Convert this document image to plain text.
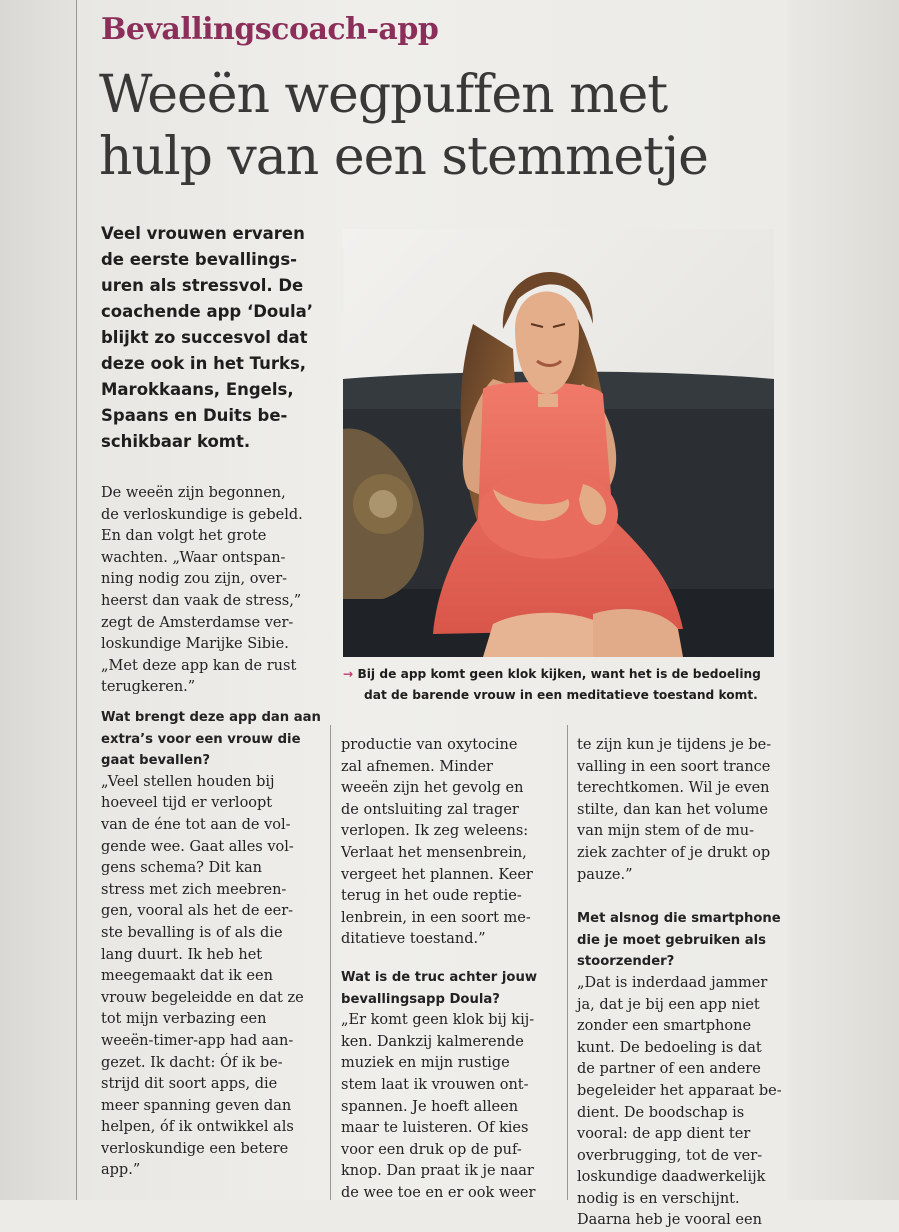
Bevallingscoach-app
Weeën wegpuffen met
hulp van een stemmetje
Veel vrouwen ervaren
de eerste bevallings-
uren als stressvol. De
coachende app ‘Doula’
blijkt zo succesvol dat
deze ook in het Turks,
Marokkaans, Engels,
Spaans en Duits be-
schikbaar komt.
De weeën zijn begonnen,
de verloskundige is gebeld.
En dan volgt het grote
wachten. „Waar ontspan-
ning nodig zou zijn, over-
heerst dan vaak de stress,”
zegt de Amsterdamse ver-
loskundige Marijke Sibie.
„Met deze app kan de rust
terugkeren.”
→ Bij de app komt geen klok kijken, want het is de bedoeling
dat de barende vrouw in een meditatieve toestand komt.
Wat brengt deze app dan aan
extra’s voor een vrouw die
gaat bevallen?
„Veel stellen houden bij
hoeveel tijd er verloopt
van de éne tot aan de vol-
gende wee. Gaat alles vol-
gens schema? Dit kan
stress met zich meebren-
gen, vooral als het de eer-
ste bevalling is of als die
lang duurt. Ik heb het
meegemaakt dat ik een
vrouw begeleidde en dat ze
tot mijn verbazing een
weeën-timer-app had aan-
gezet. Ik dacht: Óf ik be-
strijd dit soort apps, die
meer spanning geven dan
helpen, óf ik ontwikkel als
verloskundige een betere
app.”
productie van oxytocine
zal afnemen. Minder
weeën zijn het gevolg en
de ontsluiting zal trager
verlopen. Ik zeg weleens:
Verlaat het mensenbrein,
vergeet het plannen. Keer
terug in het oude reptie-
lenbrein, in een soort me-
ditatieve toestand.”
Wat is de truc achter jouw
bevallingsapp Doula?
„Er komt geen klok bij kij-
ken. Dankzij kalmerende
muziek en mijn rustige
stem laat ik vrouwen ont-
spannen. Je hoeft alleen
maar te luisteren. Of kies
voor een druk op de puf-
knop. Dan praat ik je naar
de wee toe en er ook weer
te zijn kun je tijdens je be-
valling in een soort trance
terechtkomen. Wil je even
stilte, dan kan het volume
van mijn stem of de mu-
ziek zachter of je drukt op
pauze.”
Met alsnog die smartphone
die je moet gebruiken als
stoorzender?
„Dat is inderdaad jammer
ja, dat je bij een app niet
zonder een smartphone
kunt. De bedoeling is dat
de partner of een andere
begeleider het apparaat be-
dient. De boodschap is
vooral: de app dient ter
overbrugging, tot de ver-
loskundige daadwerkelijk
nodig is en verschijnt.
Daarna heb je vooral een
